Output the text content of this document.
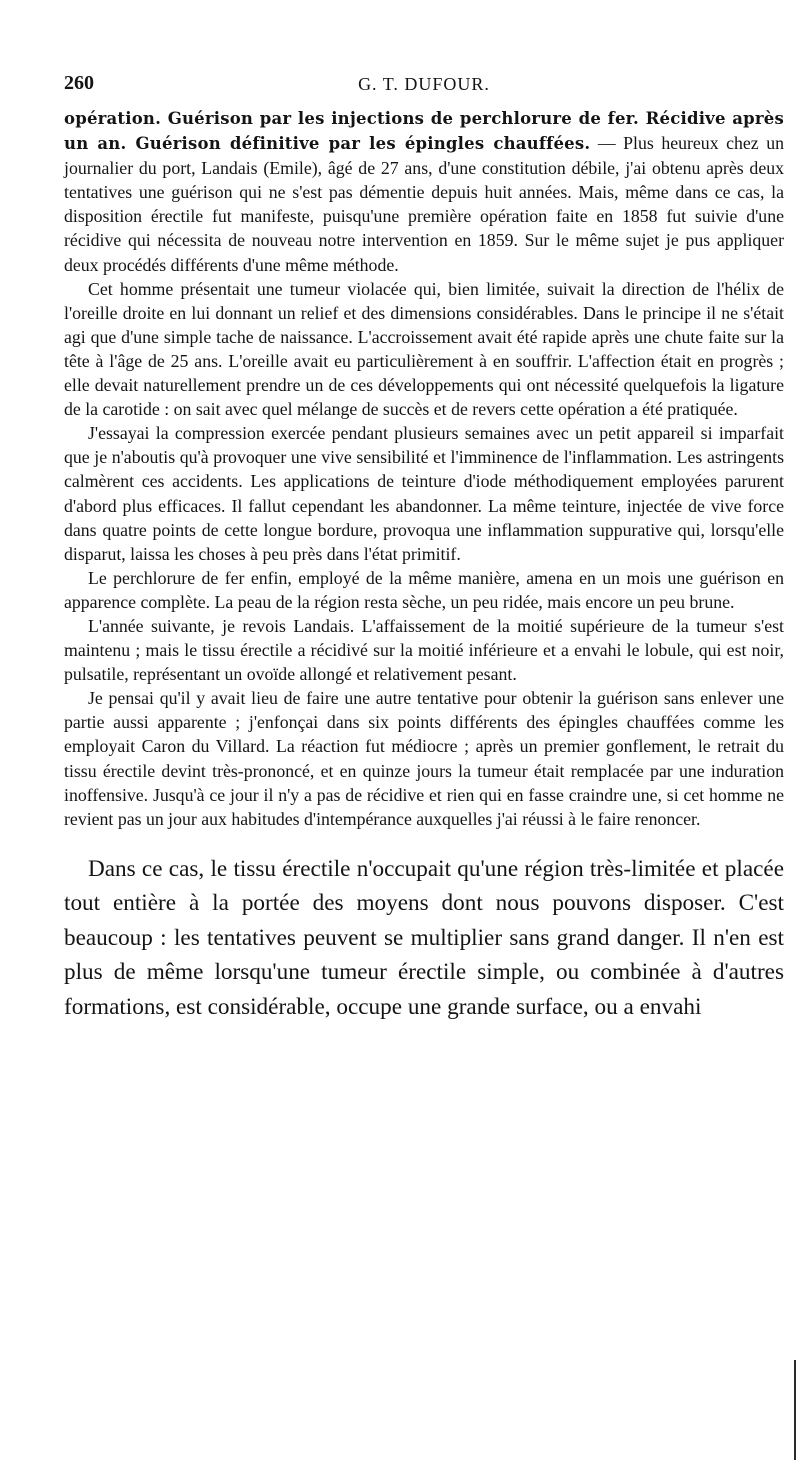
260	G. T. DUFOUR.

opération. Guérison par les injections de perchlorure de fer. Récidive après un an. Guérison définitive par les épingles chauffées. — Plus heureux chez un journalier du port, Landais (Emile), âgé de 27 ans, d'une constitution débile, j'ai obtenu après deux tentatives une guérison qui ne s'est pas démentie depuis huit années. Mais, même dans ce cas, la disposition érectile fut manifeste, puisqu'une première opération faite en 1858 fut suivie d'une récidive qui nécessita de nouveau notre intervention en 1859. Sur le même sujet je pus appliquer deux procédés différents d'une même méthode.

Cet homme présentait une tumeur violacée qui, bien limitée, suivait la direction de l'hélix de l'oreille droite en lui donnant un relief et des dimensions considérables. Dans le principe il ne s'était agi que d'une simple tache de naissance. L'accroissement avait été rapide après une chute faite sur la tête à l'âge de 25 ans. L'oreille avait eu particulièrement à en souffrir. L'affection était en progrès ; elle devait naturellement prendre un de ces développements qui ont nécessité quelquefois la ligature de la carotide : on sait avec quel mélange de succès et de revers cette opération a été pratiquée.

J'essayai la compression exercée pendant plusieurs semaines avec un petit appareil si imparfait que je n'aboutis qu'à provoquer une vive sensibilité et l'imminence de l'inflammation. Les astringents calmèrent ces accidents. Les applications de teinture d'iode méthodiquement employées parurent d'abord plus efficaces. Il fallut cependant les abandonner. La même teinture, injectée de vive force dans quatre points de cette longue bordure, provoqua une inflammation suppurative qui, lorsqu'elle disparut, laissa les choses à peu près dans l'état primitif.

Le perchlorure de fer enfin, employé de la même manière, amena en un mois une guérison en apparence complète. La peau de la région resta sèche, un peu ridée, mais encore un peu brune.

L'année suivante, je revois Landais. L'affaissement de la moitié supérieure de la tumeur s'est maintenu ; mais le tissu érectile a récidivé sur la moitié inférieure et a envahi le lobule, qui est noir, pulsatile, représentant un ovoïde allongé et relativement pesant.

Je pensai qu'il y avait lieu de faire une autre tentative pour obtenir la guérison sans enlever une partie aussi apparente ; j'enfonçai dans six points différents des épingles chauffées comme les employait Caron du Villard. La réaction fut médiocre ; après un premier gonflement, le retrait du tissu érectile devint très-prononcé, et en quinze jours la tumeur était remplacée par une induration inoffensive. Jusqu'à ce jour il n'y a pas de récidive et rien qui en fasse craindre une, si cet homme ne revient pas un jour aux habitudes d'intempérance auxquelles j'ai réussi à le faire renoncer.

Dans ce cas, le tissu érectile n'occupait qu'une région très-limitée et placée tout entière à la portée des moyens dont nous pouvons disposer. C'est beaucoup : les tentatives peuvent se multiplier sans grand danger. Il n'en est plus de même lorsqu'une tumeur érectile simple, ou combinée à d'autres formations, est considérable, occupe une grande surface, ou a envahi
